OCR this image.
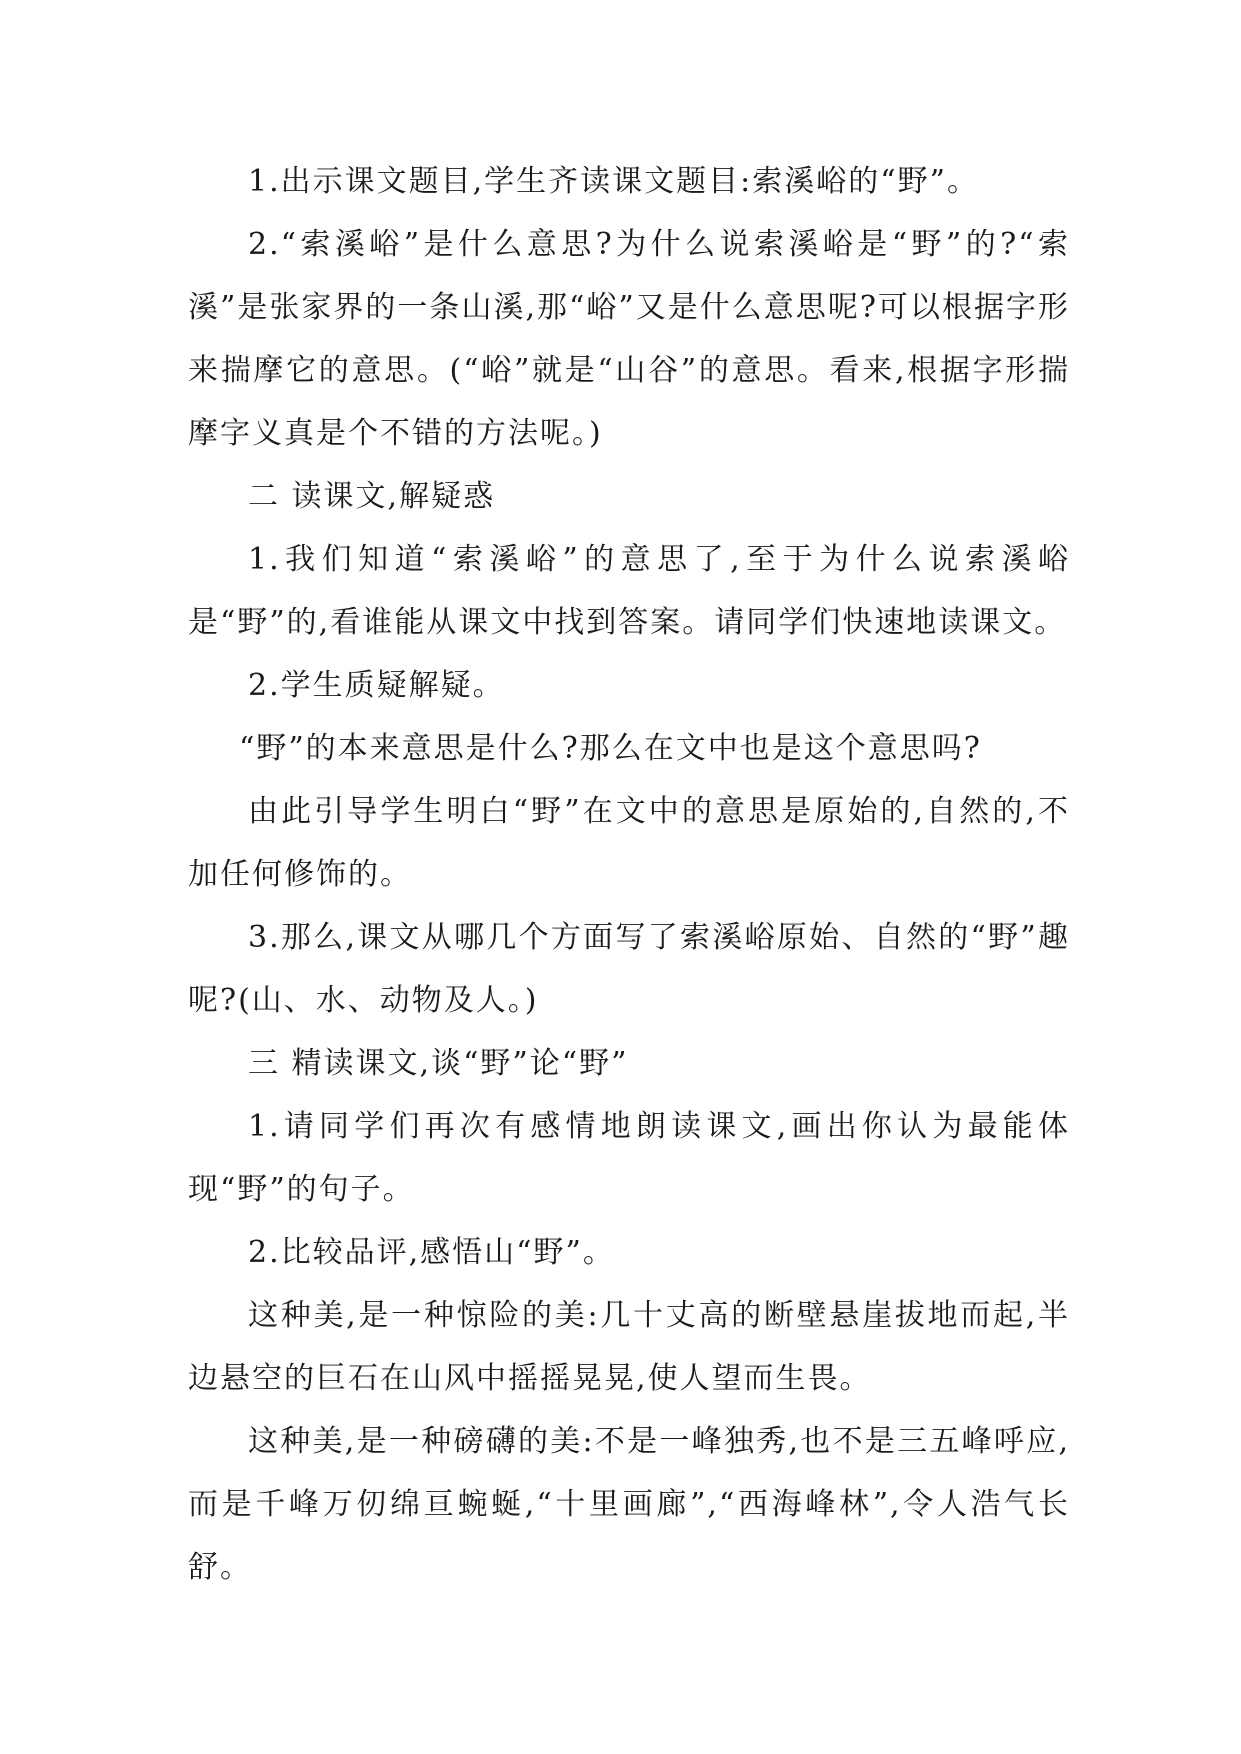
1.出示课文题目,学生齐读课文题目:索溪峪的“野”。

2.“索溪峪”是什么意思?为什么说索溪峪是“野”的?“索溪”是张家界的一条山溪,那“峪”又是什么意思呢?可以根据字形来揣摩它的意思。(“峪”就是“山谷”的意思。看来,根据字形揣摩字义真是个不错的方法呢。)

二 读课文,解疑惑

1.我们知道“索溪峪”的意思了,至于为什么说索溪峪是“野”的,看谁能从课文中找到答案。请同学们快速地读课文。

2.学生质疑解疑。

“野”的本来意思是什么?那么在文中也是这个意思吗?

由此引导学生明白“野”在文中的意思是原始的,自然的,不加任何修饰的。

3.那么,课文从哪几个方面写了索溪峪原始、自然的“野”趣呢?(山、水、动物及人。)

三 精读课文,谈“野”论“野”

1.请同学们再次有感情地朗读课文,画出你认为最能体现“野”的句子。

2.比较品评,感悟山“野”。

这种美,是一种惊险的美:几十丈高的断壁悬崖拔地而起,半边悬空的巨石在山风中摇摇晃晃,使人望而生畏。

这种美,是一种磅礴的美:不是一峰独秀,也不是三五峰呼应,而是千峰万仞绵亘蜿蜒,“十里画廊”,“西海峰林”,令人浩气长舒。
